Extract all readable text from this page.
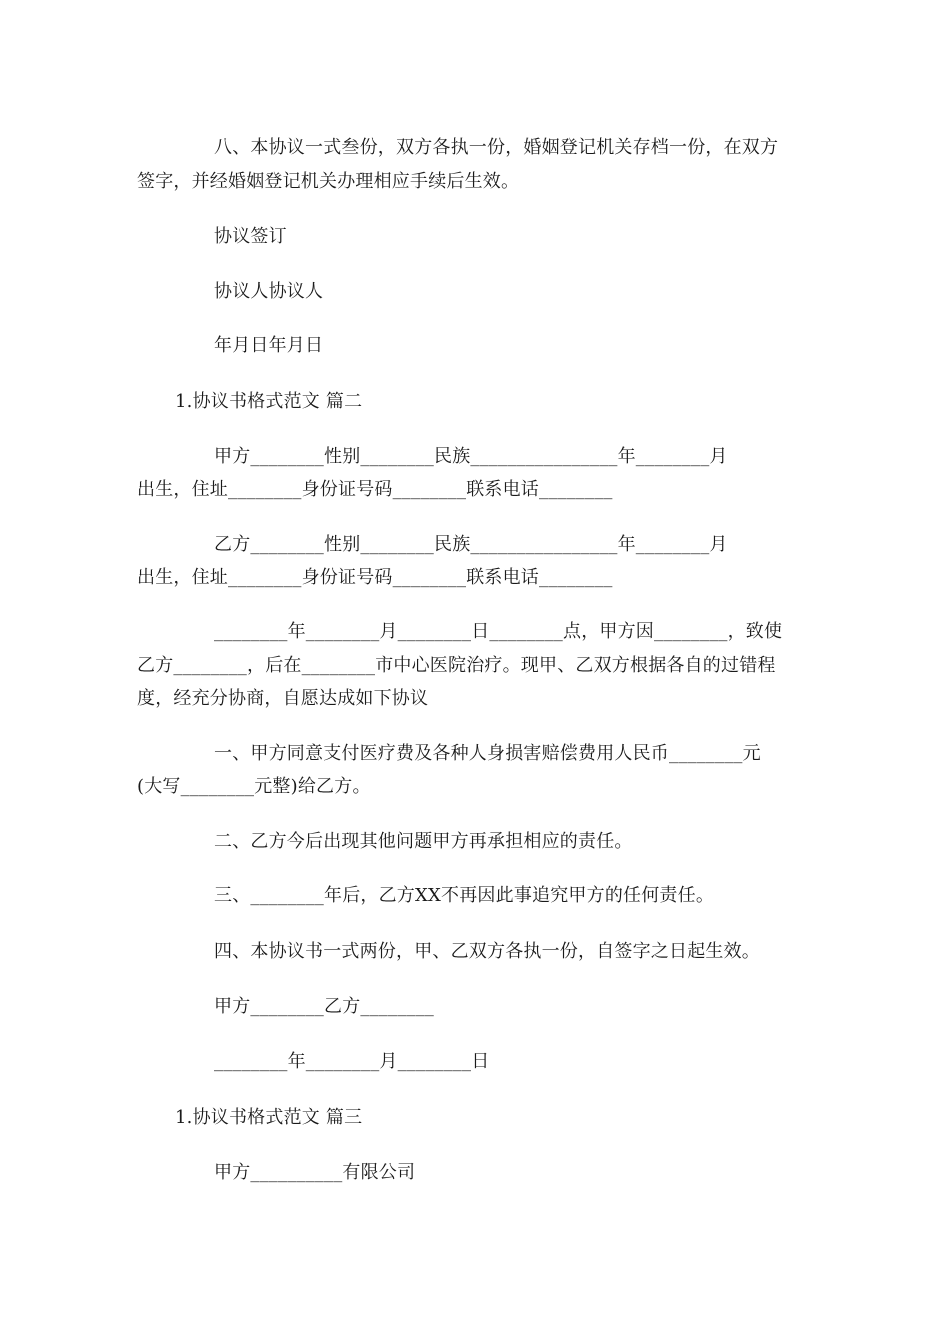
八、本协议一式叁份，双方各执一份，婚姻登记机关存档一份，在双方
签字，并经婚姻登记机关办理相应手续后生效。
协议签订
协议人协议人
年月日年月日
1.协议书格式范文 篇二
甲方________性别________民族________________年________月
出生，住址________身份证号码________联系电话________
乙方________性别________民族________________年________月
出生，住址________身份证号码________联系电话________
________年________月________日________点，甲方因________，致使
乙方________，后在________市中心医院治疗。现甲、乙双方根据各自的过错程
度，经充分协商，自愿达成如下协议
一、甲方同意支付医疗费及各种人身损害赔偿费用人民币________元
(大写________元整)给乙方。
二、乙方今后出现其他问题甲方再承担相应的责任。
三、________年后，乙方XX不再因此事追究甲方的任何责任。
四、本协议书一式两份，甲、乙双方各执一份，自签字之日起生效。
甲方________乙方________
________年________月________日
1.协议书格式范文 篇三
甲方__________有限公司
